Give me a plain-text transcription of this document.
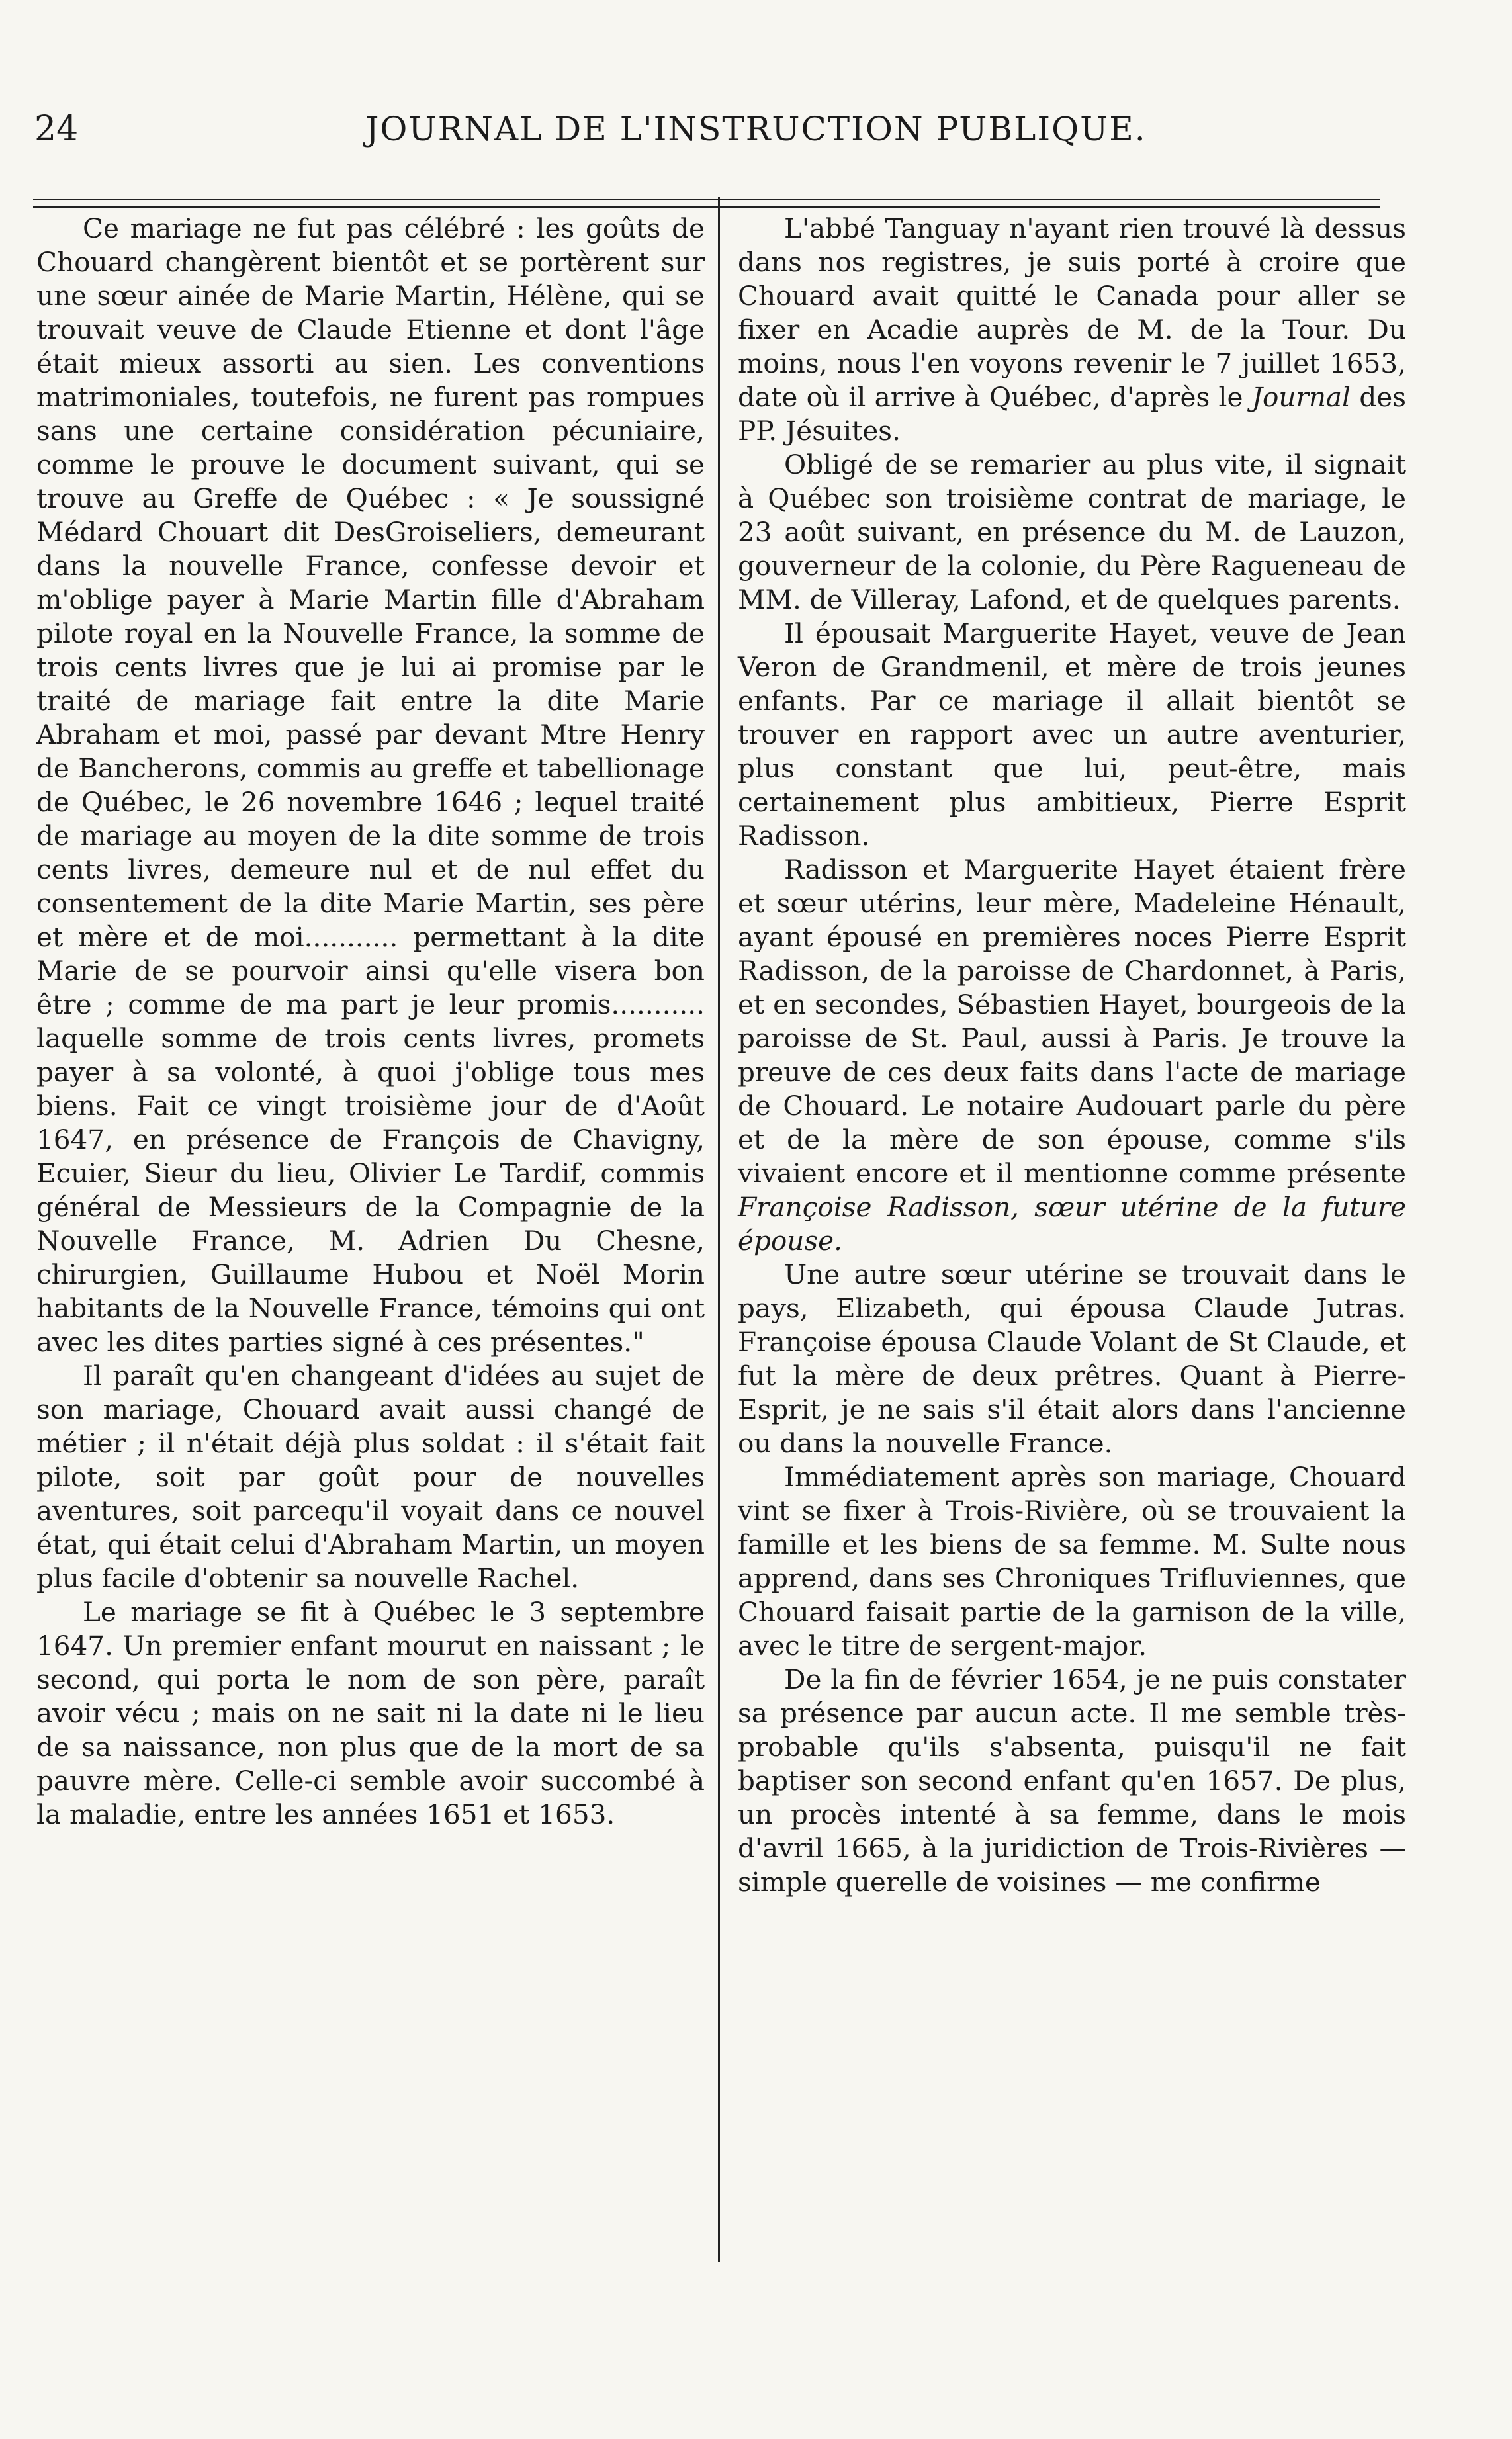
24	JOURNAL DE L'INSTRUCTION PUBLIQUE.

Ce mariage ne fut pas célébré : les goûts de Chouard changèrent bientôt et se portèrent sur une sœur ainée de Marie Martin, Hélène, qui se trouvait veuve de Claude Etienne et dont l'âge était mieux assorti au sien. Les conventions matrimoniales, toutefois, ne furent pas rompues sans une certaine considération pécuniaire, comme le prouve le document suivant, qui se trouve au Greffe de Québec : « Je soussigné Médard Chouart dit DesGroiseliers, demeurant dans la nouvelle France, confesse devoir et m'oblige payer à Marie Martin fille d'Abraham pilote royal en la Nouvelle France, la somme de trois cents livres que je lui ai promise par le traité de mariage fait entre la dite Marie Abraham et moi, passé par devant Mtre Henry de Bancherons, commis au greffe et tabellionage de Québec, le 26 novembre 1646 ; lequel traité de mariage au moyen de la dite somme de trois cents livres, demeure nul et de nul effet du consentement de la dite Marie Martin, ses père et mère et de moi........... permettant à la dite Marie de se pourvoir ainsi qu'elle visera bon être ; comme de ma part je leur promis........... laquelle somme de trois cents livres, promets payer à sa volonté, à quoi j'oblige tous mes biens. Fait ce vingt troisième jour de d'Août 1647, en présence de François de Chavigny, Ecuier, Sieur du lieu, Olivier Le Tardif, commis général de Messieurs de la Compagnie de la Nouvelle France, M. Adrien Du Chesne, chirurgien, Guillaume Hubou et Noël Morin habitants de la Nouvelle France, témoins qui ont avec les dites parties signé à ces présentes."

Il paraît qu'en changeant d'idées au sujet de son mariage, Chouard avait aussi changé de métier ; il n'était déjà plus soldat : il s'était fait pilote, soit par goût pour de nouvelles aventures, soit parcequ'il voyait dans ce nouvel état, qui était celui d'Abraham Martin, un moyen plus facile d'obtenir sa nouvelle Rachel.

Le mariage se fit à Québec le 3 septembre 1647. Un premier enfant mourut en naissant ; le second, qui porta le nom de son père, paraît avoir vécu ; mais on ne sait ni la date ni le lieu de sa naissance, non plus que de la mort de sa pauvre mère. Celle-ci semble avoir succombé à la maladie, entre les années 1651 et 1653.

L'abbé Tanguay n'ayant rien trouvé là dessus dans nos registres, je suis porté à croire que Chouard avait quitté le Canada pour aller se fixer en Acadie auprès de M. de la Tour. Du moins, nous l'en voyons revenir le 7 juillet 1653, date où il arrive à Québec, d'après le Journal des PP. Jésuites.

Obligé de se remarier au plus vite, il signait à Québec son troisième contrat de mariage, le 23 août suivant, en présence du M. de Lauzon, gouverneur de la colonie, du Père Ragueneau de MM. de Villeray, Lafond, et de quelques parents.

Il épousait Marguerite Hayet, veuve de Jean Veron de Grandmenil, et mère de trois jeunes enfants. Par ce mariage il allait bientôt se trouver en rapport avec un autre aventurier, plus constant que lui, peut-être, mais certainement plus ambitieux, Pierre Esprit Radisson.

Radisson et Marguerite Hayet étaient frère et sœur utérins, leur mère, Madeleine Hénault, ayant épousé en premières noces Pierre Esprit Radisson, de la paroisse de Chardonnet, à Paris, et en secondes, Sébastien Hayet, bourgeois de la paroisse de St. Paul, aussi à Paris. Je trouve la preuve de ces deux faits dans l'acte de mariage de Chouard. Le notaire Audouart parle du père et de la mère de son épouse, comme s'ils vivaient encore et il mentionne comme présente Françoise Radisson, sœur utérine de la future épouse.

Une autre sœur utérine se trouvait dans le pays, Elizabeth, qui épousa Claude Jutras. Françoise épousa Claude Volant de St Claude, et fut la mère de deux prêtres. Quant à Pierre-Esprit, je ne sais s'il était alors dans l'ancienne ou dans la nouvelle France.

Immédiatement après son mariage, Chouard vint se fixer à Trois-Rivière, où se trouvaient la famille et les biens de sa femme. M. Sulte nous apprend, dans ses Chroniques Trifluviennes, que Chouard faisait partie de la garnison de la ville, avec le titre de sergent-major.

De la fin de février 1654, je ne puis constater sa présence par aucun acte. Il me semble très-probable qu'ils s'absenta, puisqu'il ne fait baptiser son second enfant qu'en 1657. De plus, un procès intenté à sa femme, dans le mois d'avril 1665, à la juridiction de Trois-Rivières — simple querelle de voisines — me confirme
